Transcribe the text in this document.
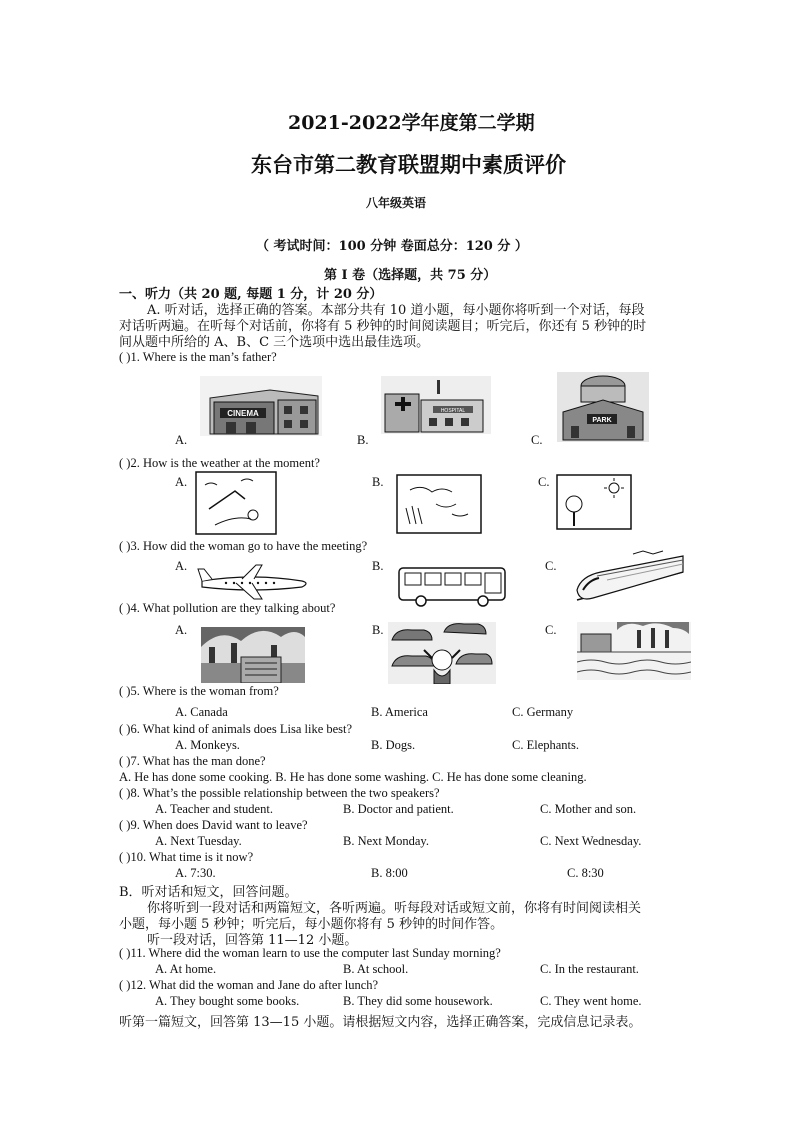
2021-2022学年度第二学期
东台市第二教育联盟期中素质评价
八年级英语
（ 考试时间：100 分钟 卷面总分：120 分 ）
第 I 卷（选择题，共 75 分）
一、听力（共 20 题, 每题 1 分，计 20 分）
A. 听对话，选择正确的答案。本部分共有 10 道小题，每小题你将听到一个对话，每段
对话听两遍。在听每个对话前，你将有 5 秒钟的时间阅读题目；听完后，你还有 5 秒钟的时
间从题中所给的 A、B、C 三个选项中选出最佳选项。
( )1. Where is the man’s father?
CINEMA
A.
HOSPITAL
B.
PARK
C.
( )2. How is the weather at the moment?
A.	B.	C.
( )3. How did the woman go to have the meeting?
A.	B.	C.
( )4. What pollution are they talking about?
A.	B.	C.
( )5. Where is the woman from?
A. Canada	B. America	C. Germany
( )6. What kind of animals does Lisa like best?
A. Monkeys.	B. Dogs.	C. Elephants.
( )7. What has the man done?
A. He has done some cooking. B. He has done some washing. C. He has done some cleaning.
( )8. What’s the possible relationship between the two speakers?
A. Teacher and student.	B. Doctor and patient.	C. Mother and son.
( )9. When does David want to leave?
A. Next Tuesday.	B. Next Monday.	C. Next Wednesday.
( )10. What time is it now?
A. 7:30.	B. 8:00	C. 8:30
B．听对话和短文，回答问题。
你将听到一段对话和两篇短文，各听两遍。听每段对话或短文前，你将有时间阅读相关
小题，每小题 5 秒钟；听完后，每小题你将有 5 秒钟的时间作答。
听一段对话，回答第 11—12 小题。
( )11. Where did the woman learn to use the computer last Sunday morning?
A. At home.	B. At school.	C. In the restaurant.
( )12. What did the woman and Jane do after lunch?
A. They bought some books.	B. They did some housework.	C. They went home.
听第一篇短文，回答第 13—15 小题。请根据短文内容，选择正确答案，完成信息记录表。
